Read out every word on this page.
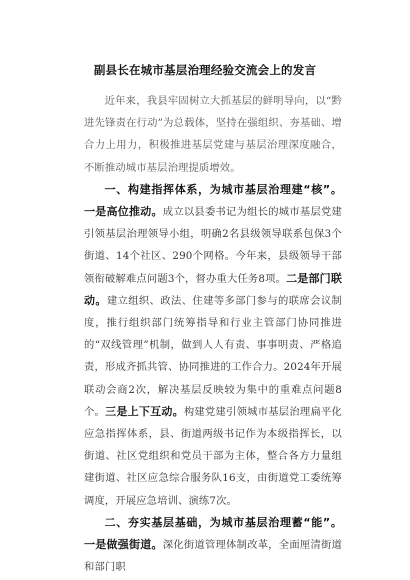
副县长在城市基层治理经验交流会上的发言

近年来，我县牢固树立大抓基层的鲜明导向，以“黔进先锋责在行动”为总载体，坚持在强组织、夯基础、增合力上用力，积极推进基层党建与基层治理深度融合，不断推动城市基层治理提质增效。

一、构建指挥体系，为城市基层治理建“核”。一是高位推动。成立以县委书记为组长的城市基层党建引领基层治理领导小组，明确2名县级领导联系包保3个街道、14个社区、290个网格。今年来，县级领导干部领衔破解难点问题3个，督办重大任务8项。二是部门联动。建立组织、政法、住建等多部门参与的联席会议制度，推行组织部门统筹指导和行业主管部门协同推进的“双线管理”机制，做到人人有责、事事明责、严格追责，形成齐抓共管、协同推进的工作合力。2024年开展联动会商2次，解决基层反映较为集中的重难点问题8个。三是上下互动。构建党建引领城市基层治理扁平化应急指挥体系，县、街道两级书记作为本级指挥长，以街道、社区党组织和党员干部为主体，整合各方力量组建街道、社区应急综合服务队16支，由街道党工委统筹调度，开展应急培训、演练7次。

二、夯实基层基础，为城市基层治理蓄“能”。一是做强街道。深化街道管理体制改革，全面厘清街道和部门职
